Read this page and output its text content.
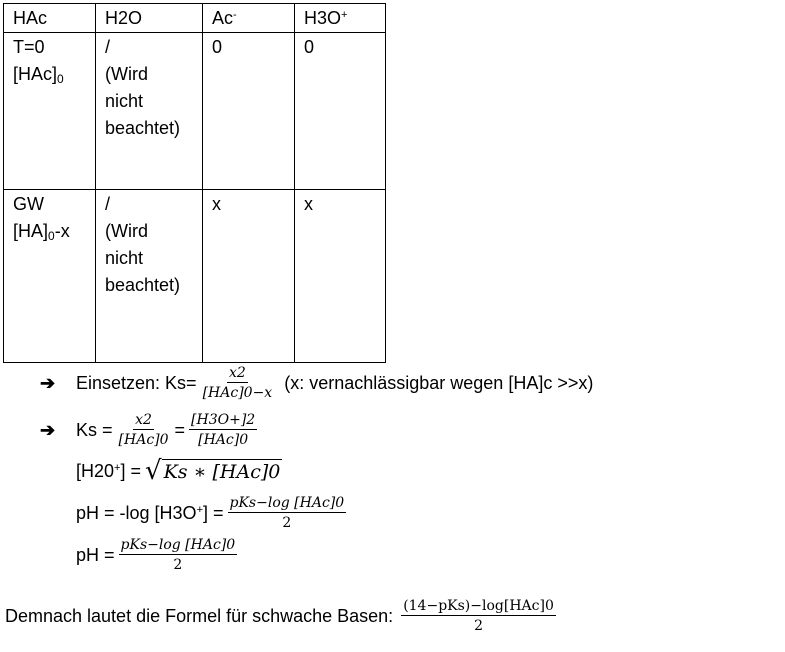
HAc	H2O	Ac-	H3O+

T=0
[HAc]0	/
(Wird
nicht
beachtet)	0	0

GW
[HA]0-x	/
(Wird
nicht
beachtet)	x	x
➔	Einsetzen: $Ks= \frac{x2}{\text{[HAc]0−x}} (x$: vernachlässigbar wegen [HA]c >>x)
➔	$Ks = \frac{x2}{\text{[HAc]0}} = \frac{[H3O+]2}{\text{[HAc]0}}$
[H20 + ] = √ Ks ∗ [HAc]0
pH = -log [H3O + ] = $\frac{\text{pKs−log [HAc]0}}{2}$
pH = $\frac{\text{pKs−log [HAc]0}}{2}$
Demnach lautet die Formel für schwache Basen: $\frac{\text{(14−pKs)−log[HAc]0}}{2}$
